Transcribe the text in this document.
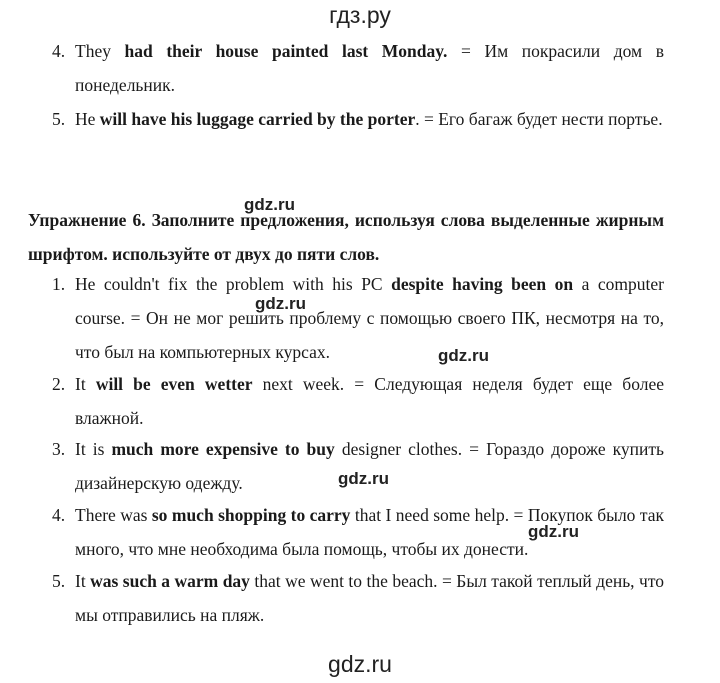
гдз.ру
4. They had their house painted last Monday. = Им покрасили дом в понедельник.
5. He will have his luggage carried by the porter. = Его багаж будет нести портье.
gdz.ru
Упражнение 6. Заполните предложения, используя слова выделенные жирным шрифтом. используйте от двух до пяти слов.
1. He couldn't fix the problem with his PC despite having been on a computer course. = Он не мог решить проблему с помощью своего ПК, несмотря на то, что был на компьютерных курсах.
gdz.ru
gdz.ru
2. It will be even wetter next week. = Следующая неделя будет еще более влажной.
3. It is much more expensive to buy designer clothes. = Гораздо дороже купить дизайнерскую одежду.	gdz.ru
4. There was so much shopping to carry that I need some help. = Покупок было так много, что мне необходима была помощь, чтобы их донести.
gdz.ru
5. It was such a warm day that we went to the beach. = Был такой теплый день, что мы отправились на пляж.
gdz.ru
